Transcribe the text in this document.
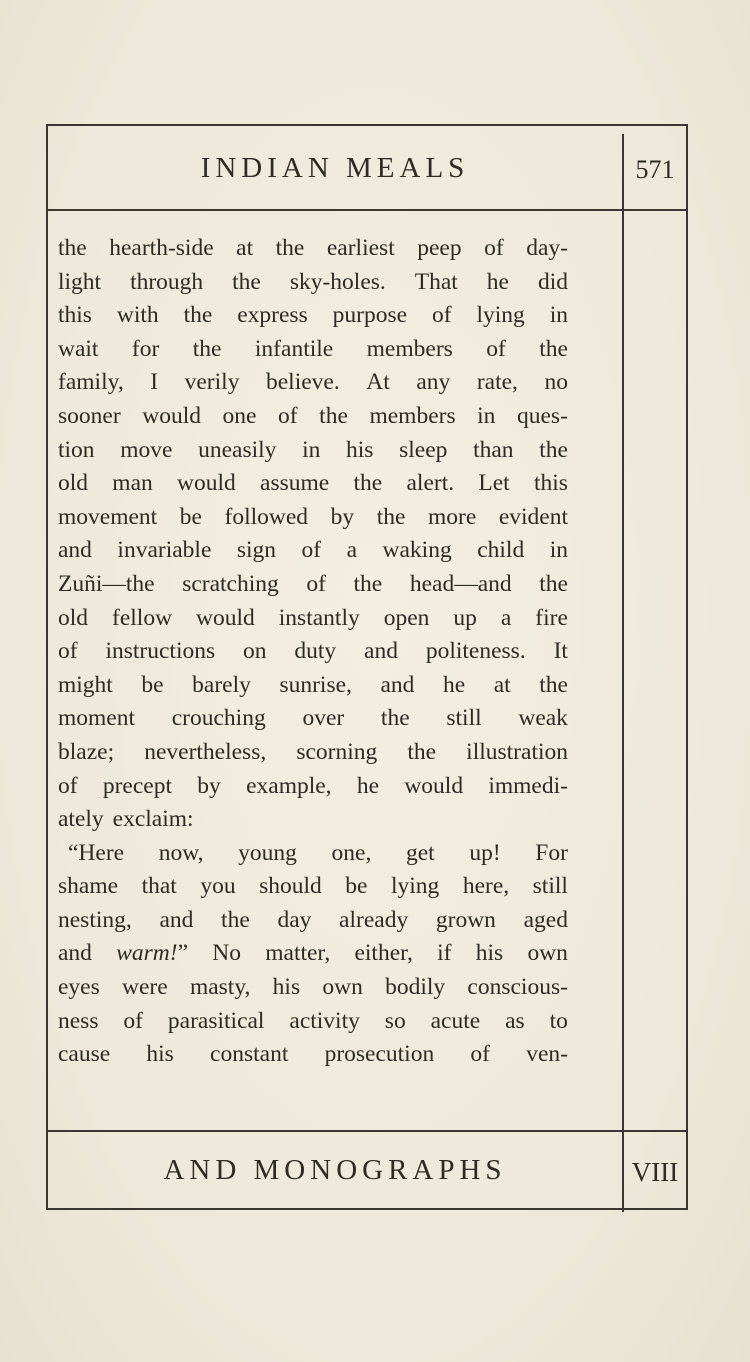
INDIAN MEALS	571
the hearth-side at the earliest peep of day-
light through the sky-holes. That he did
this with the express purpose of lying in
wait for the infantile members of the
family, I verily believe. At any rate, no
sooner would one of the members in ques-
tion move uneasily in his sleep than the
old man would assume the alert. Let this
movement be followed by the more evident
and invariable sign of a waking child in
Zuñi—the scratching of the head—and the
old fellow would instantly open up a fire
of instructions on duty and politeness. It
might be barely sunrise, and he at the
moment crouching over the still weak
blaze; nevertheless, scorning the illustration
of precept by example, he would immedi-
ately exclaim:
“Here now, young one, get up! For
shame that you should be lying here, still
nesting, and the day already grown aged
and warm!” No matter, either, if his own
eyes were masty, his own bodily conscious-
ness of parasitical activity so acute as to
cause his constant prosecution of ven-
AND MONOGRAPHS	VIII
